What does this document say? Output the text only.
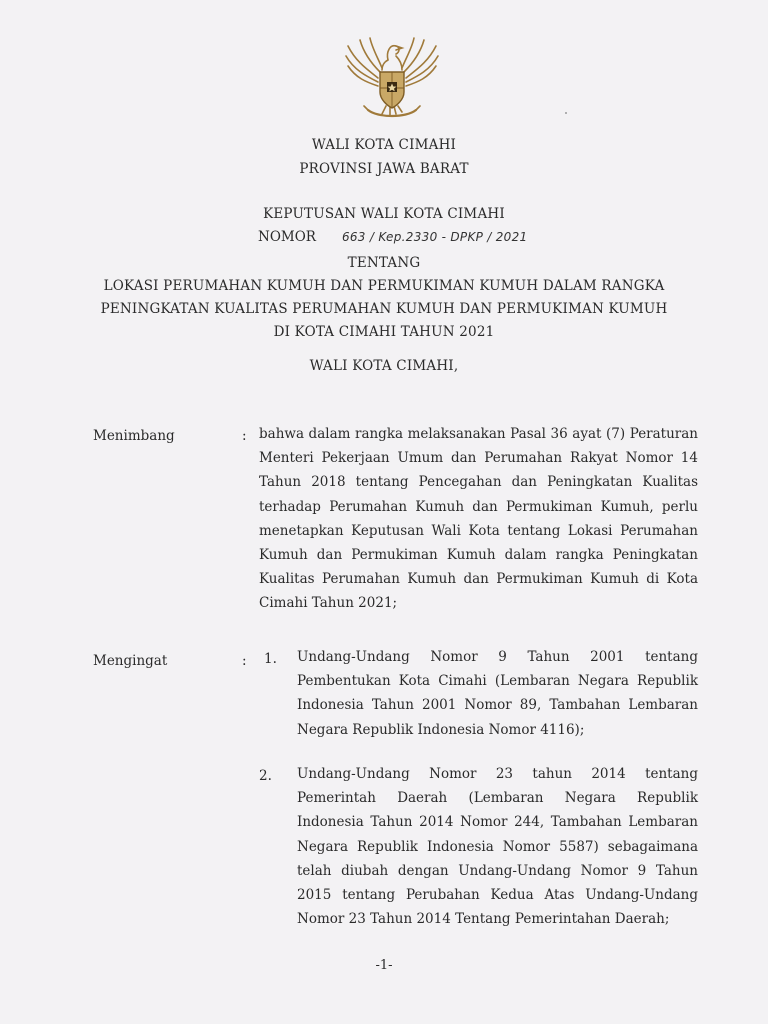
WALI KOTA CIMAHI
PROVINSI JAWA BARAT
KEPUTUSAN WALI KOTA CIMAHI
NOMOR 663 / Kep.2330 - DPKP / 2021
TENTANG
LOKASI PERUMAHAN KUMUH DAN PERMUKIMAN KUMUH DALAM RANGKA
PENINGKATAN KUALITAS PERUMAHAN KUMUH DAN PERMUKIMAN KUMUH
DI KOTA CIMAHI TAHUN 2021
WALI KOTA CIMAHI,
Menimbang	: bahwa dalam rangka melaksanakan Pasal 36 ayat (7) Peraturan Menteri Pekerjaan Umum dan Perumahan Rakyat Nomor 14 Tahun 2018 tentang Pencegahan dan Peningkatan Kualitas terhadap Perumahan Kumuh dan Permukiman Kumuh, perlu menetapkan Keputusan Wali Kota tentang Lokasi Perumahan Kumuh dan Permukiman Kumuh dalam rangka Peningkatan Kualitas Perumahan Kumuh dan Permukiman Kumuh di Kota Cimahi Tahun 2021;
Mengingat	: 1. Undang-Undang Nomor 9 Tahun 2001 tentang Pembentukan Kota Cimahi (Lembaran Negara Republik Indonesia Tahun 2001 Nomor 89, Tambahan Lembaran Negara Republik Indonesia Nomor 4116);
2. Undang-Undang Nomor 23 tahun 2014 tentang Pemerintah Daerah (Lembaran Negara Republik Indonesia Tahun 2014 Nomor 244, Tambahan Lembaran Negara Republik Indonesia Nomor 5587) sebagaimana telah diubah dengan Undang-Undang Nomor 9 Tahun 2015 tentang Perubahan Kedua Atas Undang-Undang Nomor 23 Tahun 2014 Tentang Pemerintahan Daerah;
-1-
